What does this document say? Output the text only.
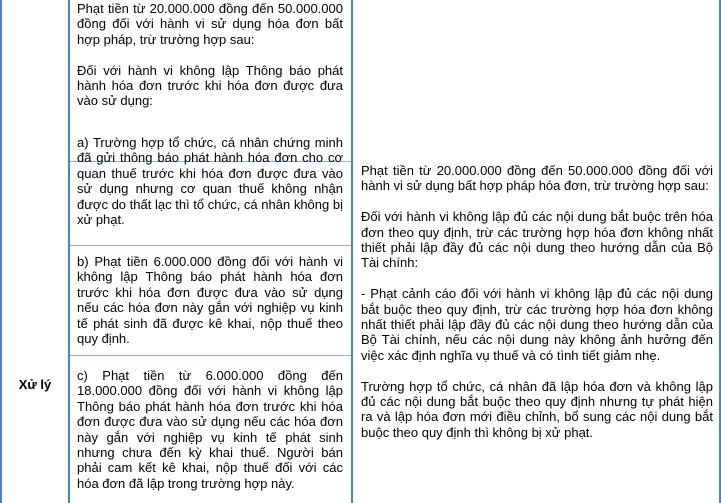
Xử lý

Phạt tiền từ 20.000.000 đồng đến 50.000.000 đồng đối với hành vi sử dụng hóa đơn bất hợp pháp, trừ trường hợp sau:

Đối với hành vi không lập Thông báo phát hành hóa đơn trước khi hóa đơn được đưa vào sử dụng:

a) Trường hợp tổ chức, cá nhân chứng minh đã gửi thông báo phát hành hóa đơn cho cơ quan thuế trước khi hóa đơn được đưa vào sử dụng nhưng cơ quan thuế không nhận được do thất lạc thì tổ chức, cá nhân không bị xử phạt.

b) Phạt tiền 6.000.000 đồng đối với hành vi không lập Thông báo phát hành hóa đơn trước khi hóa đơn được đưa vào sử dụng nếu các hóa đơn này gắn với nghiệp vụ kinh tế phát sinh đã được kê khai, nộp thuế theo quy định.

c) Phạt tiền từ 6.000.000 đồng đến 18.000.000 đồng đối với hành vi không lập Thông báo phát hành hóa đơn trước khi hóa đơn được đưa vào sử dụng nếu các hóa đơn này gắn với nghiệp vụ kinh tế phát sinh nhưng chưa đến kỳ khai thuế. Người bán phải cam kết kê khai, nộp thuế đối với các hóa đơn đã lập trong trường hợp này.

Phạt tiền từ 20.000.000 đồng đến 50.000.000 đồng đối với hành vi sử dụng bất hợp pháp hóa đơn, trừ trường hợp sau:

Đối với hành vi không lập đủ các nội dung bắt buộc trên hóa đơn theo quy định, trừ các trường hợp hóa đơn không nhất thiết phải lập đầy đủ các nội dung theo hướng dẫn của Bộ Tài chính:

- Phạt cảnh cáo đối với hành vi không lập đủ các nội dung bắt buộc theo quy định, trừ các trường hợp hóa đơn không nhất thiết phải lập đầy đủ các nội dung theo hướng dẫn của Bộ Tài chính, nếu các nội dung này không ảnh hưởng đến việc xác định nghĩa vụ thuế và có tình tiết giảm nhẹ.

Trường hợp tổ chức, cá nhân đã lập hóa đơn và không lập đủ các nội dung bắt buộc theo quy định nhưng tự phát hiện ra và lập hóa đơn mới điều chỉnh, bổ sung các nội dung bắt buộc theo quy định thì không bị xử phạt.
